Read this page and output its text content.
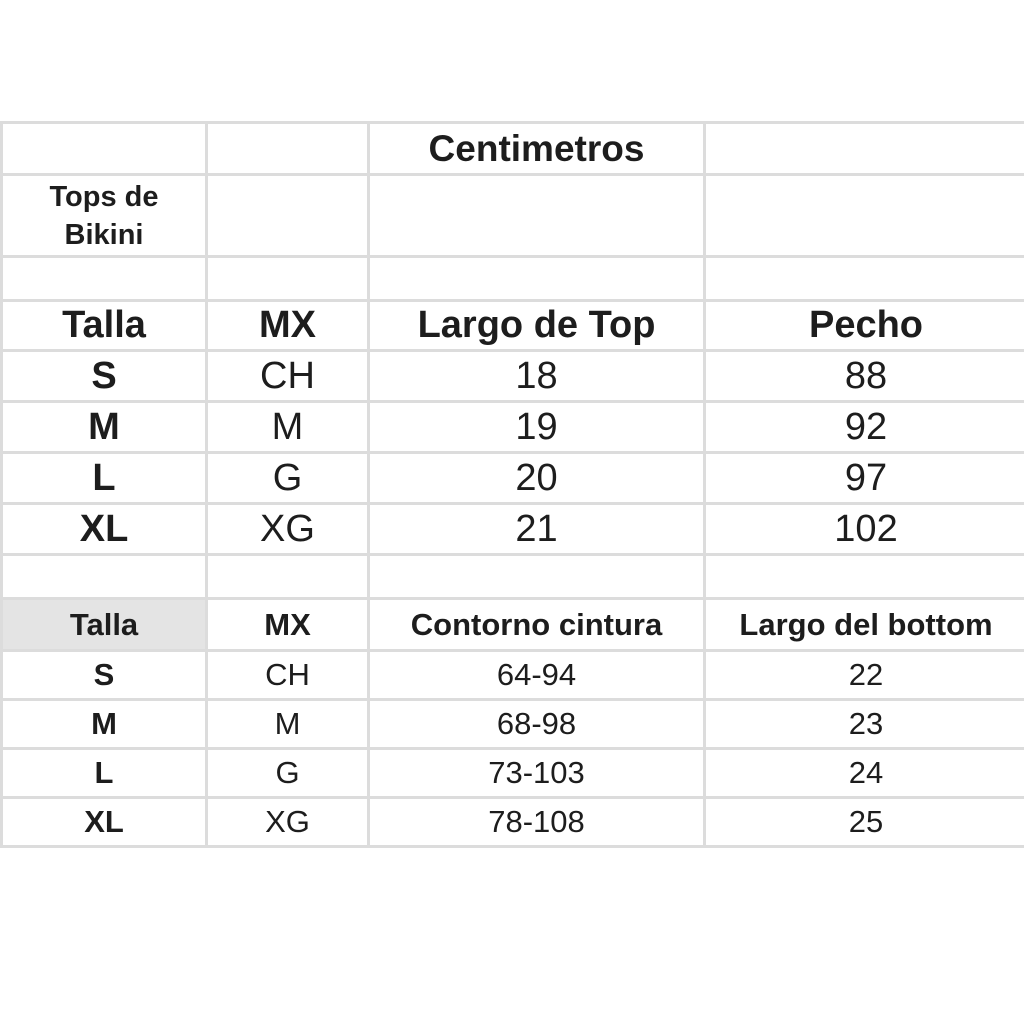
		Centimetros	

Tops de
Bikini			

Talla	MX	Largo de Top	Pecho
S	CH	18	88
M	M	19	92
L	G	20	97
XL	XG	21	102

Talla	MX	Contorno cintura	Largo del bottom
S	CH	64-94	22
M	M	68-98	23
L	G	73-103	24
XL	XG	78-108	25
